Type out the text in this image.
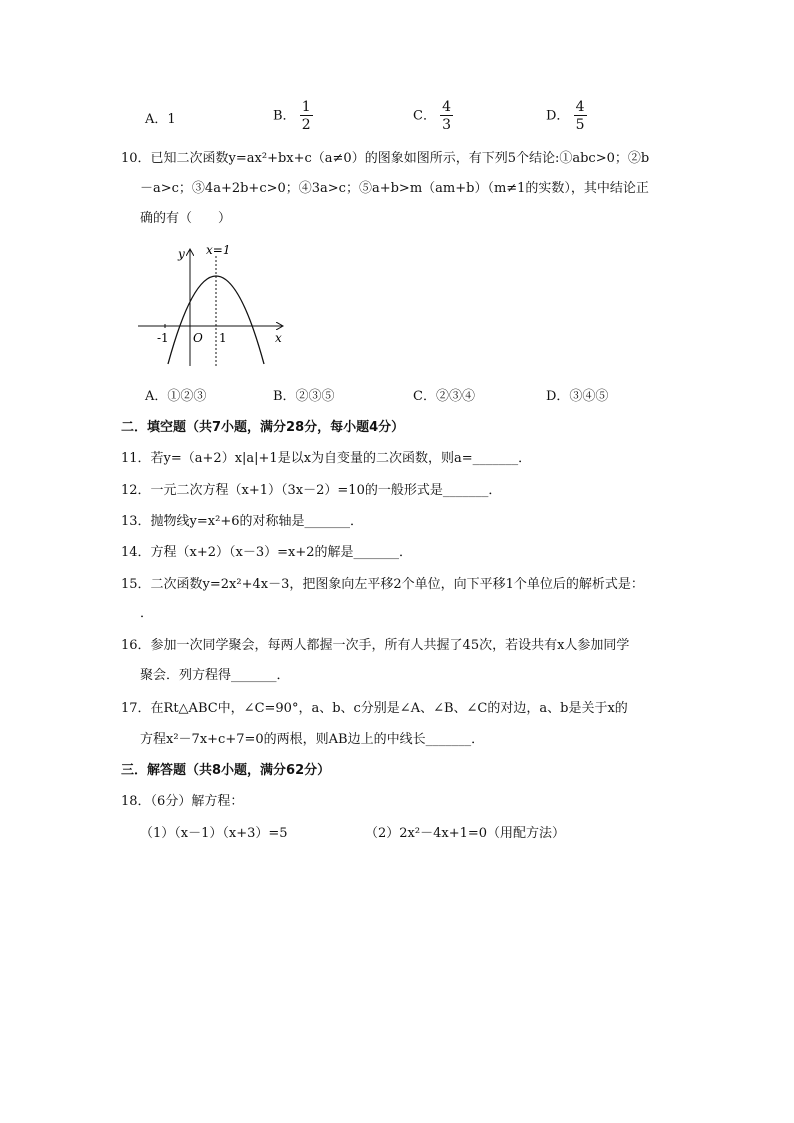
A．1	B． $\frac{1}{2}$	C． $\frac{4}{3}$	D． $\frac{4}{5}$
10．已知二次函数y=ax²+bx+c（a≠0）的图象如图所示，有下列5个结论:①abc>0；②b
－a>c；③4a+2b+c>0；④3a>c；⑤a+b>m（am+b）（m≠1的实数），其中结论正
确的有（　　）
y
x
x=1
O
-1	1
A．①②③	B．②③⑤	C．②③④	D．③④⑤
二．填空题（共7小题，满分28分，每小题4分）
11．若y=（a+2）x|a|+1是以x为自变量的二次函数，则a=_______．
12．一元二次方程（x+1）（3x－2）=10的一般形式是_______．
13．抛物线y=x²+6的对称轴是_______．
14．方程（x+2）（x－3）=x+2的解是_______．
15．二次函数y=2x²+4x－3，把图象向左平移2个单位，向下平移1个单位后的解析式是：
．
16．参加一次同学聚会，每两人都握一次手，所有人共握了45次，若设共有x人参加同学
聚会．列方程得_______．
17．在Rt△ABC中，∠C=90°，a、b、c分别是∠A、∠B、∠C的对边，a、b是关于x的
方程x²－7x+c+7=0的两根，则AB边上的中线长_______．
三．解答题（共8小题，满分62分）
18．（6分）解方程：
（1）（x－1）（x+3）=5	（2）2x²－4x+1=0（用配方法）
